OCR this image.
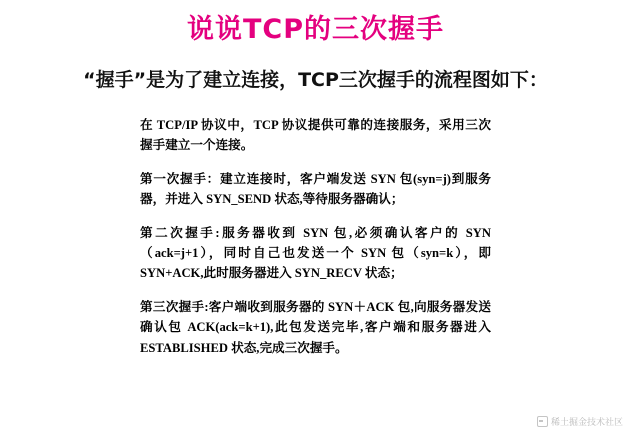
说说TCP的三次握手
“握手”是为了建立连接，TCP三次握手的流程图如下：

在 TCP/IP 协议中，TCP 协议提供可靠的连接服务，采用三次握手建立一个连接。

第一次握手：建立连接时，客户端发送 SYN 包(syn=j)到服务器，并进入 SYN_SEND 状态,等待服务器确认；

第二次握手:服务器收到 SYN 包,必须确认客户的 SYN（ack=j+1），同时自己也发送一个 SYN 包（syn=k），即SYN+ACK,此时服务器进入 SYN_RECV 状态；

第三次握手:客户端收到服务器的 SYN＋ACK 包,向服务器发送确认包 ACK(ack=k+1),此包发送完毕,客户端和服务器进入 ESTABLISHED 状态,完成三次握手。

稀土掘金技术社区
